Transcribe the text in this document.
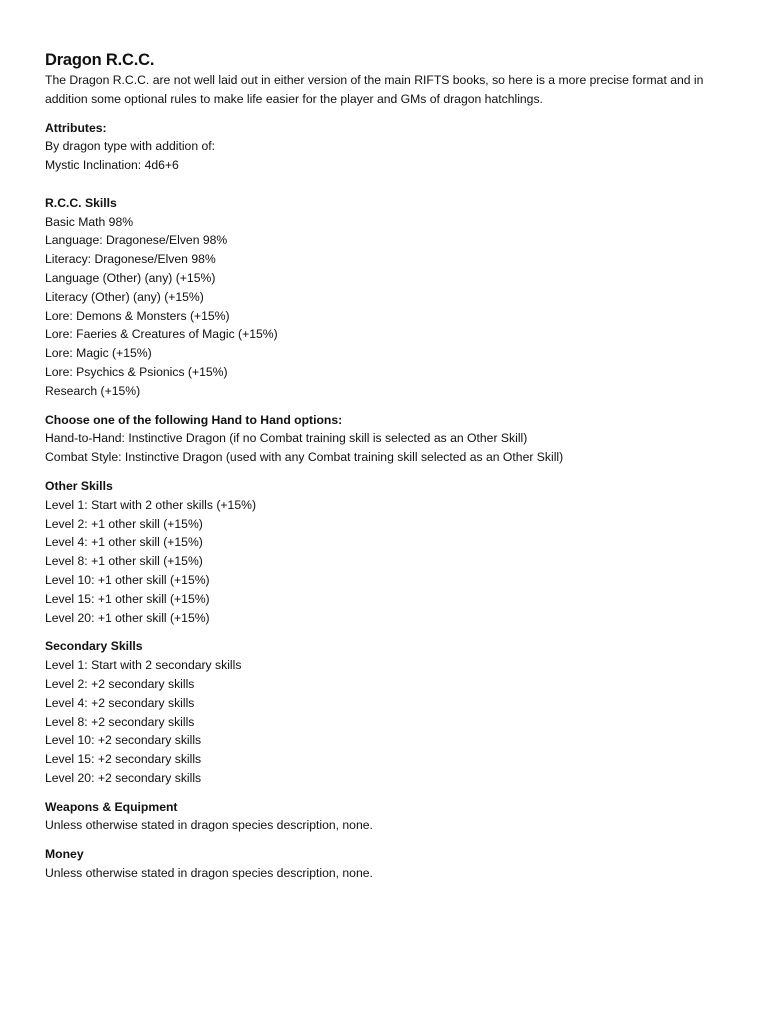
Dragon R.C.C.

The Dragon R.C.C. are not well laid out in either version of the main RIFTS books, so here is a more precise format and in addition some optional rules to make life easier for the player and GMs of dragon hatchlings.

Attributes:

By dragon type with addition of:
Mystic Inclination: 4d6+6

R.C.C. Skills

Basic Math 98%
Language: Dragonese/Elven 98%
Literacy: Dragonese/Elven 98%
Language (Other) (any) (+15%)
Literacy (Other) (any) (+15%)
Lore: Demons & Monsters (+15%)
Lore: Faeries & Creatures of Magic (+15%)
Lore: Magic (+15%)
Lore: Psychics & Psionics (+15%)
Research (+15%)

Choose one of the following Hand to Hand options:

Hand-to-Hand: Instinctive Dragon (if no Combat training skill is selected as an Other Skill)
Combat Style: Instinctive Dragon (used with any Combat training skill selected as an Other Skill)

Other Skills

Level 1: Start with 2 other skills (+15%)
Level 2: +1 other skill (+15%)
Level 4: +1 other skill (+15%)
Level 8: +1 other skill (+15%)
Level 10: +1 other skill (+15%)
Level 15: +1 other skill (+15%)
Level 20: +1 other skill (+15%)

Secondary Skills

Level 1: Start with 2 secondary skills
Level 2: +2 secondary skills
Level 4: +2 secondary skills
Level 8: +2 secondary skills
Level 10: +2 secondary skills
Level 15: +2 secondary skills
Level 20: +2 secondary skills

Weapons & Equipment

Unless otherwise stated in dragon species description, none.

Money

Unless otherwise stated in dragon species description, none.
